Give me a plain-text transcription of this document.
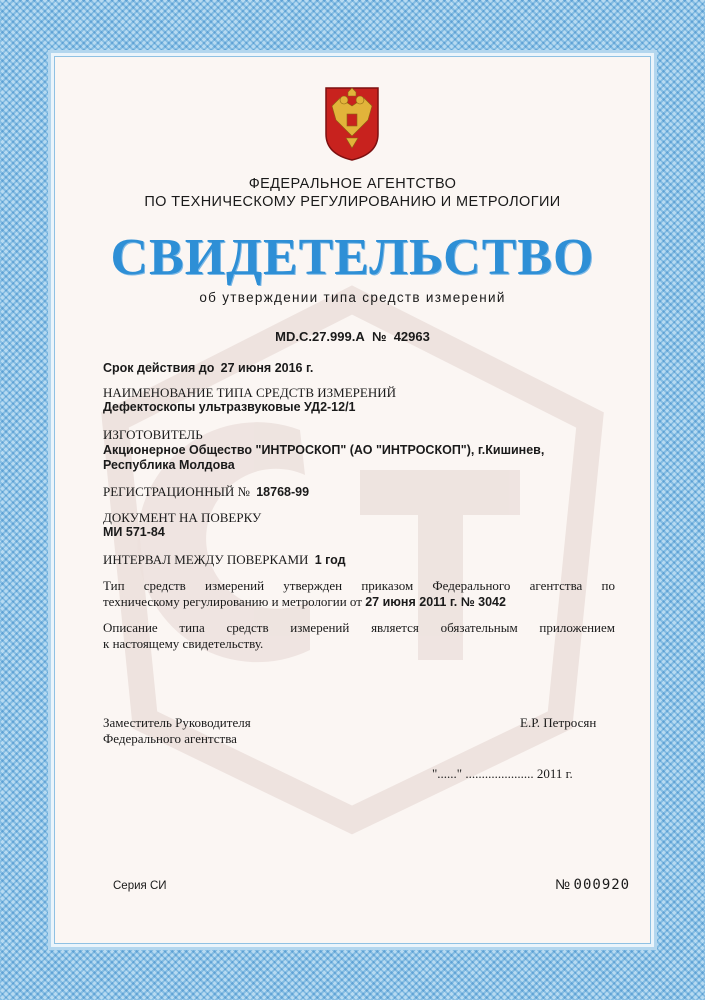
ФЕДЕРАЛЬНОЕ АГЕНТСТВО
ПО ТЕХНИЧЕСКОМУ РЕГУЛИРОВАНИЮ И МЕТРОЛОГИИ
СВИДЕТЕЛЬСТВО
об утверждении типа средств измерений
MD.C.27.999.A № 42963
Срок действия до 27 июня 2016 г.
НАИМЕНОВАНИЕ ТИПА СРЕДСТВ ИЗМЕРЕНИЙ
Дефектоскопы ультразвуковые УД2-12/1
ИЗГОТОВИТЕЛЬ
Акционерное Общество "ИНТРОСКОП" (АО "ИНТРОСКОП"), г.Кишинев,
Республика Молдова
РЕГИСТРАЦИОННЫЙ № 18768-99
ДОКУМЕНТ НА ПОВЕРКУ
МИ 571-84
ИНТЕРВАЛ МЕЖДУ ПОВЕРКАМИ 1 год
Тип средств измерений утвержден приказом Федерального агентства по
техническому регулированию и метрологии от 27 июня 2011 г. № 3042
Описание типа средств измерений является обязательным приложением
к настоящему свидетельству.
Заместитель Руководителя
Федерального агентства
Е.Р. Петросян
"......" ..................... 2011 г.
Серия СИ	№ 000920
